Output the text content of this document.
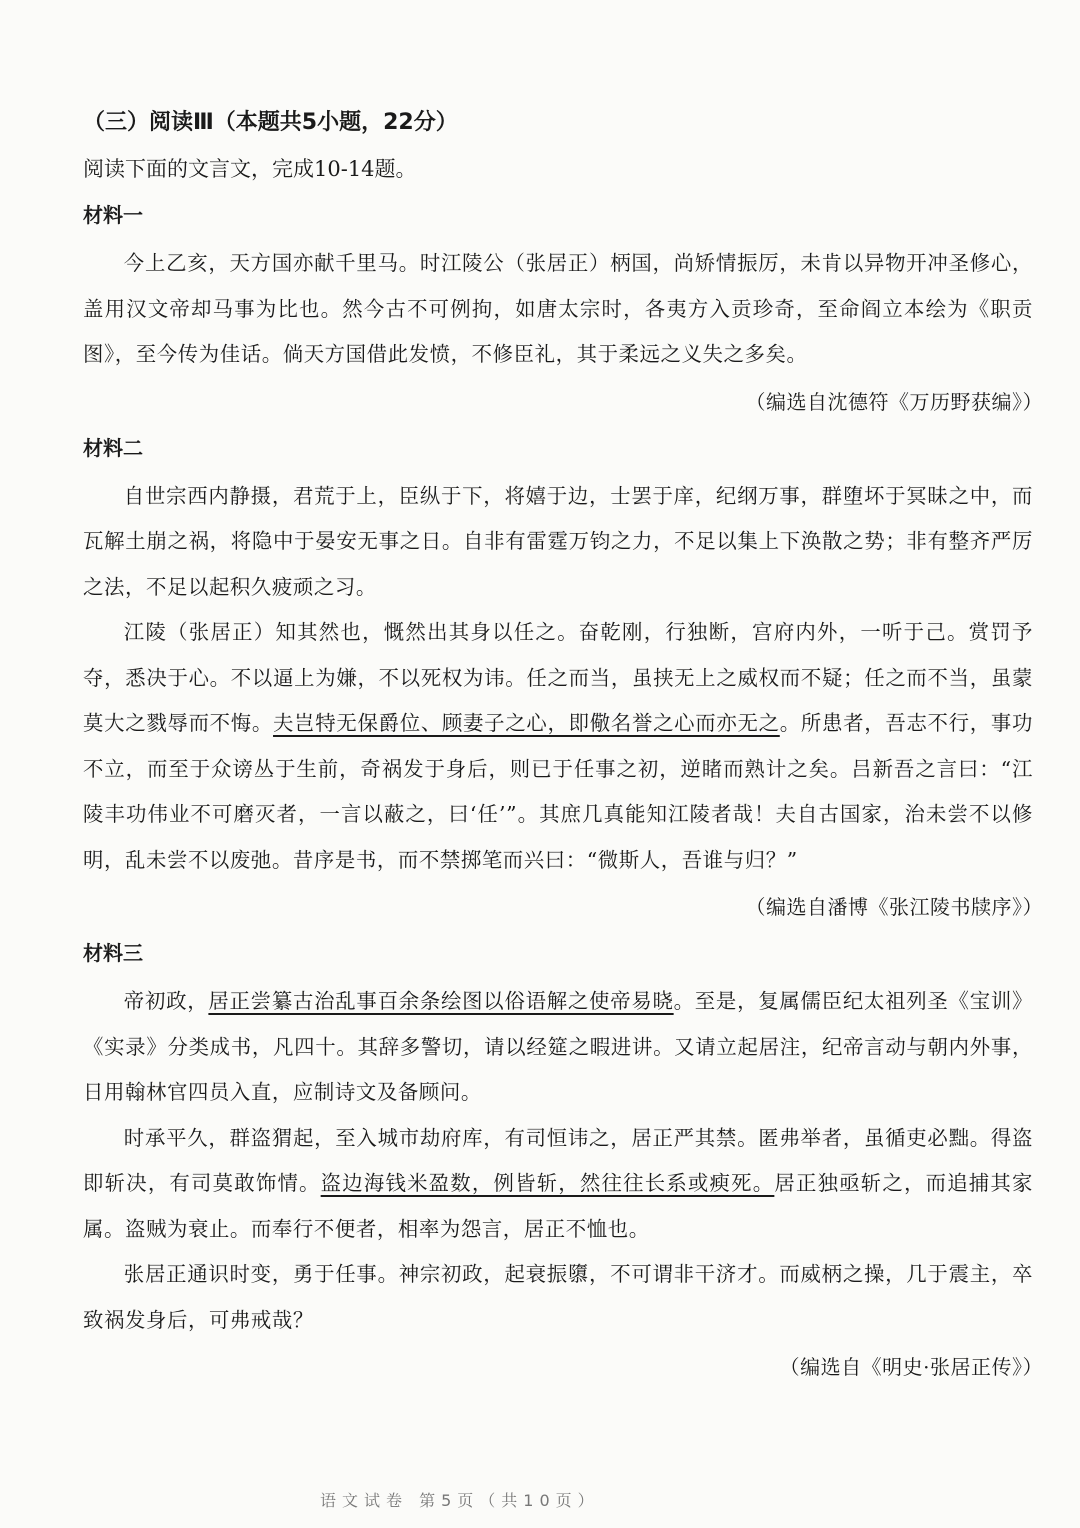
（三）阅读Ⅲ（本题共5小题，22分）
阅读下面的文言文，完成10-14题。
材料一

今上乙亥，天方国亦献千里马。时江陵公（张居正）柄国，尚矫情振厉，未肯以异物开冲圣修心，盖用汉文帝却马事为比也。然今古不可例拘，如唐太宗时，各夷方入贡珍奇，至命阎立本绘为《职贡图》，至今传为佳话。倘天方国借此发愤，不修臣礼，其于柔远之义失之多矣。

（编选自沈德符《万历野获编》）
材料二

自世宗西内静摄，君荒于上，臣纵于下，将嬉于边，士罢于庠，纪纲万事，群堕坏于冥昧之中，而瓦解土崩之祸，将隐中于晏安无事之日。自非有雷霆万钧之力，不足以集上下涣散之势；非有整齐严厉之法，不足以起积久疲顽之习。

江陵（张居正）知其然也，慨然出其身以任之。奋乾刚，行独断，宫府内外，一听于己。赏罚予夺，悉决于心。不以逼上为嫌，不以死权为讳。任之而当，虽挟无上之威权而不疑；任之而不当，虽蒙莫大之戮辱而不悔。夫岂特无保爵位、顾妻子之心，即儆名誉之心而亦无之。所患者，吾志不行，事功不立，而至于众谤丛于生前，奇祸发于身后，则已于任事之初，逆睹而熟计之矣。吕新吾之言曰：“江陵丰功伟业不可磨灭者，一言以蔽之，曰‘任’”。其庶几真能知江陵者哉！夫自古国家，治未尝不以修明，乱未尝不以废弛。昔序是书，而不禁掷笔而兴曰：“微斯人，吾谁与归？”

（编选自潘博《张江陵书牍序》）
材料三

帝初政，居正尝纂古治乱事百余条绘图以俗语解之使帝易晓。至是，复属儒臣纪太祖列圣《宝训》《实录》分类成书，凡四十。其辞多警切，请以经筵之暇进讲。又请立起居注，纪帝言动与朝内外事，日用翰林官四员入直，应制诗文及备顾问。

时承平久，群盗猬起，至入城市劫府库，有司恒讳之，居正严其禁。匿弗举者，虽循吏必黜。得盗即斩决，有司莫敢饰情。盗边海钱米盈数，例皆斩，然往往长系或瘐死。居正独亟斩之，而追捕其家属。盗贼为衰止。而奉行不便者，相率为怨言，居正不恤也。

张居正通识时变，勇于任事。神宗初政，起衰振隳，不可谓非干济才。而威柄之操，几于震主，卒致祸发身后，可弗戒哉？

（编选自《明史·张居正传》）
语文试卷 第5页（共10页）
